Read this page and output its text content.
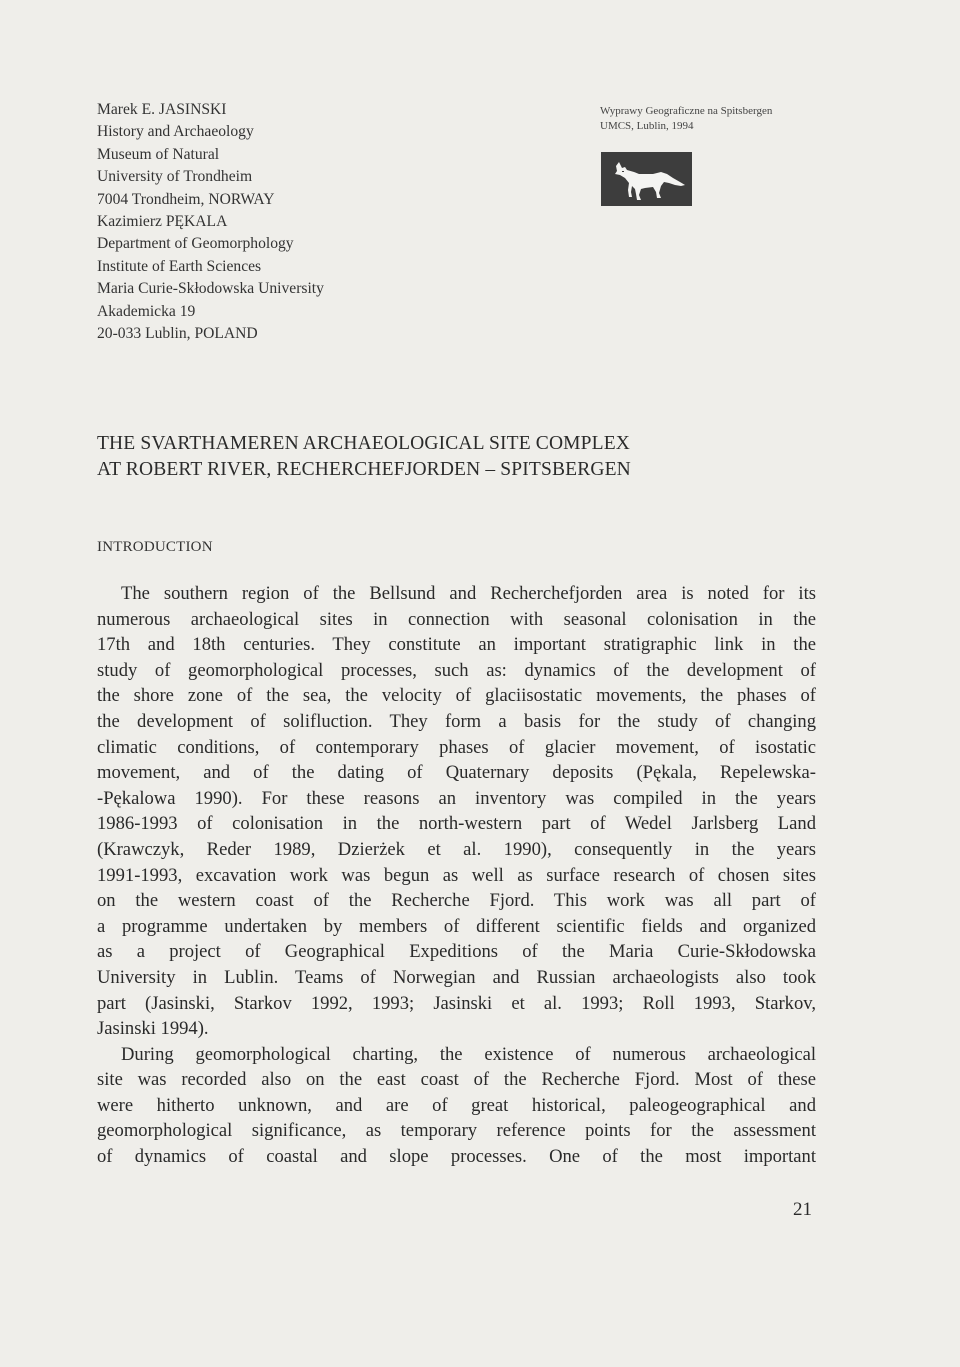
Marek E. JASINSKI
History and Archaeology
Museum of Natural
University of Trondheim
7004 Trondheim, NORWAY
Kazimierz PĘKALA
Department of Geomorphology
Institute of Earth Sciences
Maria Curie-Skłodowska University
Akademicka 19
20-033 Lublin, POLAND
Wyprawy Geograficzne na Spitsbergen
UMCS, Lublin, 1994
THE SVARTHAMEREN ARCHAEOLOGICAL SITE COMPLEX
AT ROBERT RIVER, RECHERCHEFJORDEN – SPITSBERGEN
INTRODUCTION
The southern region of the Bellsund and Recherchefjorden area is noted for its
numerous archaeological sites in connection with seasonal colonisation in the
17th and 18th centuries. They constitute an important stratigraphic link in the
study of geomorphological processes, such as: dynamics of the development of
the shore zone of the sea, the velocity of glaciisostatic movements, the phases of
the development of solifluction. They form a basis for the study of changing
climatic conditions, of contemporary phases of glacier movement, of isostatic
movement, and of the dating of Quaternary deposits (Pękala, Repelewska-
-Pękalowa 1990). For these reasons an inventory was compiled in the years
1986-1993 of colonisation in the north-western part of Wedel Jarlsberg Land
(Krawczyk, Reder 1989, Dzierżek et al. 1990), consequently in the years
1991-1993, excavation work was begun as well as surface research of chosen sites
on the western coast of the Recherche Fjord. This work was all part of
a programme undertaken by members of different scientific fields and organized
as a project of Geographical Expeditions of the Maria Curie-Skłodowska
University in Lublin. Teams of Norwegian and Russian archaeologists also took
part (Jasinski, Starkov 1992, 1993; Jasinski et al. 1993; Roll 1993, Starkov,
Jasinski 1994).
During geomorphological charting, the existence of numerous archaeological
site was recorded also on the east coast of the Recherche Fjord. Most of these
were hitherto unknown, and are of great historical, paleogeographical and
geomorphological significance, as temporary reference points for the assessment
of dynamics of coastal and slope processes. One of the most important
21
